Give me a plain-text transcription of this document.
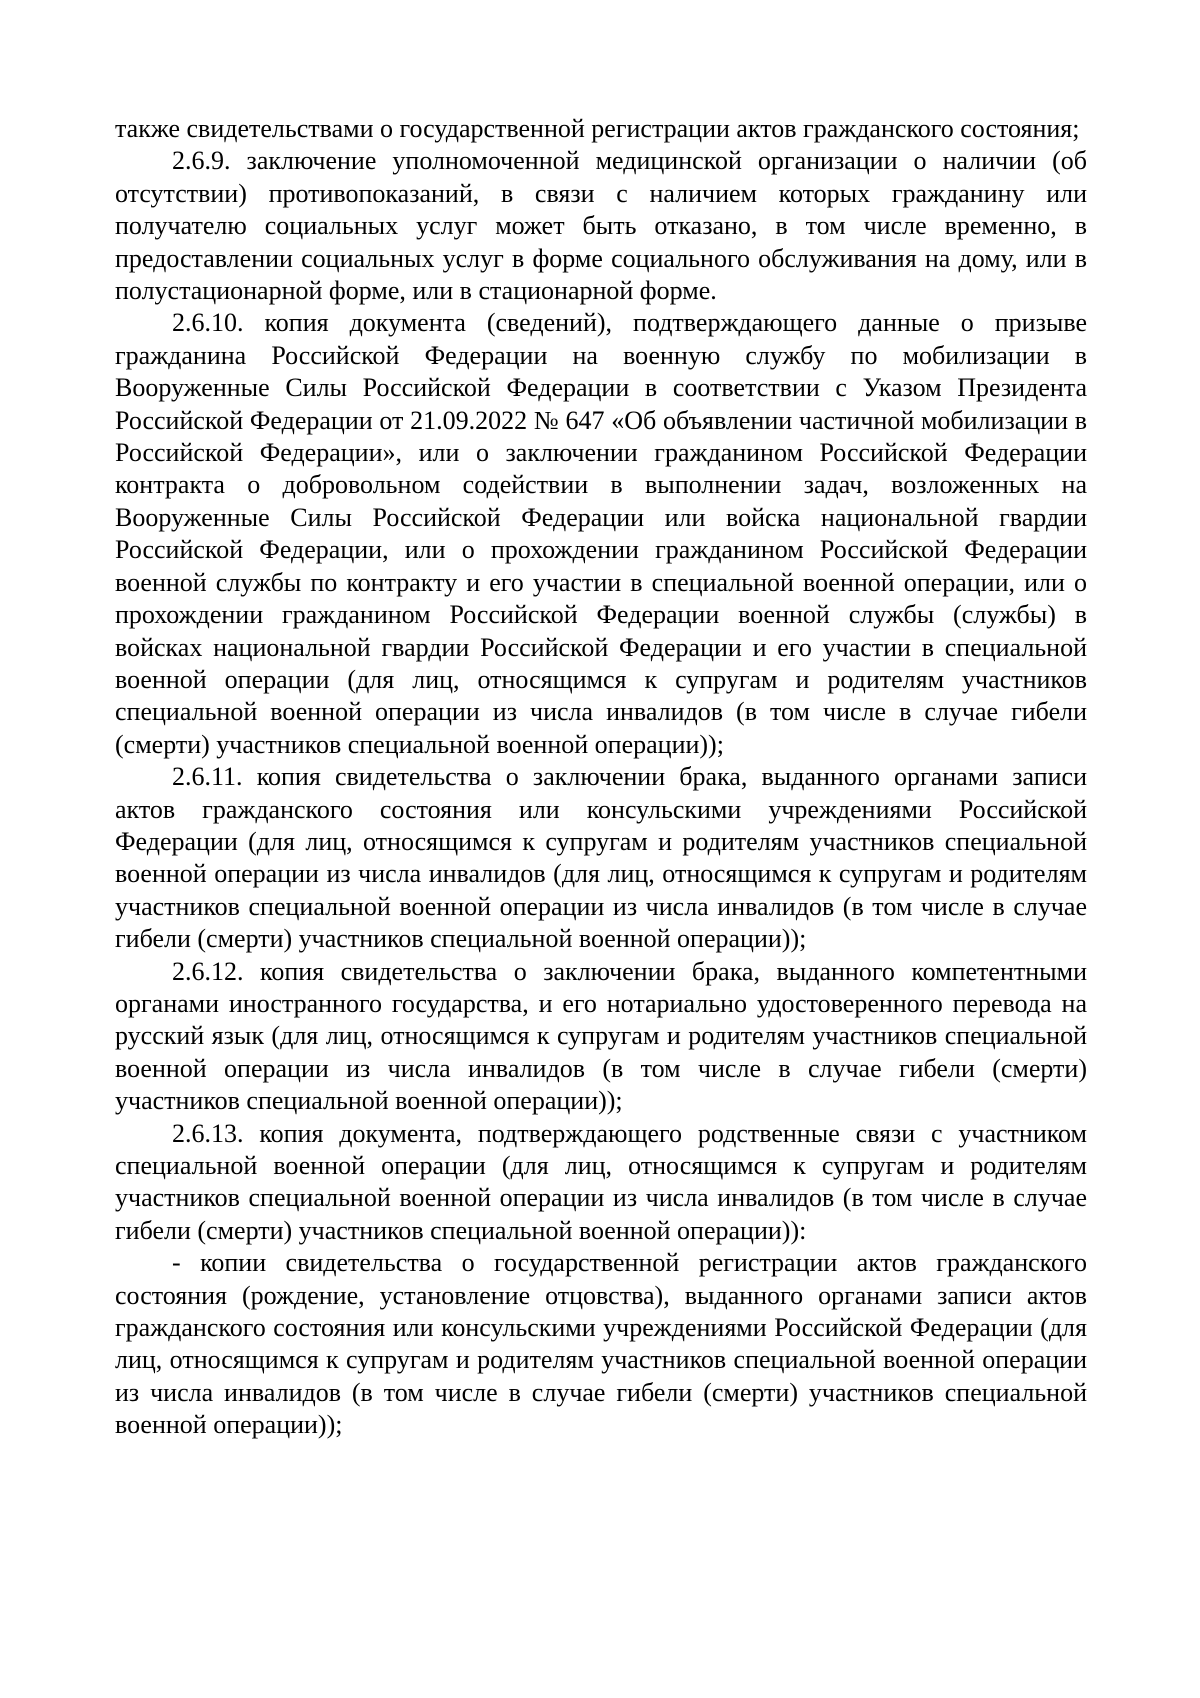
также свидетельствами о государственной регистрации актов гражданского состояния;

2.6.9. заключение уполномоченной медицинской организации о наличии (об отсутствии) противопоказаний, в связи с наличием которых гражданину или получателю социальных услуг может быть отказано, в том числе временно, в предоставлении социальных услуг в форме социального обслуживания на дому, или в полустационарной форме, или в стационарной форме.

2.6.10. копия документа (сведений), подтверждающего данные о призыве гражданина Российской Федерации на военную службу по мобилизации в Вооруженные Силы Российской Федерации в соответствии с Указом Президента Российской Федерации от 21.09.2022 № 647 «Об объявлении частичной мобилизации в Российской Федерации», или о заключении гражданином Российской Федерации контракта о добровольном содействии в выполнении задач, возложенных на Вооруженные Силы Российской Федерации или войска национальной гвардии Российской Федерации, или о прохождении гражданином Российской Федерации военной службы по контракту и его участии в специальной военной операции, или о прохождении гражданином Российской Федерации военной службы (службы) в войсках национальной гвардии Российской Федерации и его участии в специальной военной операции (для лиц, относящимся к супругам и родителям участников специальной военной операции из числа инвалидов (в том числе в случае гибели (смерти) участников специальной военной операции));

2.6.11. копия свидетельства о заключении брака, выданного органами записи актов гражданского состояния или консульскими учреждениями Российской Федерации (для лиц, относящимся к супругам и родителям участников специальной военной операции из числа инвалидов (для лиц, относящимся к супругам и родителям участников специальной военной операции из числа инвалидов (в том числе в случае гибели (смерти) участников специальной военной операции));

2.6.12. копия свидетельства о заключении брака, выданного компетентными органами иностранного государства, и его нотариально удостоверенного перевода на русский язык (для лиц, относящимся к супругам и родителям участников специальной военной операции из числа инвалидов (в том числе в случае гибели (смерти) участников специальной военной операции));

2.6.13. копия документа, подтверждающего родственные связи с участником специальной военной операции (для лиц, относящимся к супругам и родителям участников специальной военной операции из числа инвалидов (в том числе в случае гибели (смерти) участников специальной военной операции)):

- копии свидетельства о государственной регистрации актов гражданского состояния (рождение, установление отцовства), выданного органами записи актов гражданского состояния или консульскими учреждениями Российской Федерации (для лиц, относящимся к супругам и родителям участников специальной военной операции из числа инвалидов (в том числе в случае гибели (смерти) участников специальной военной операции));
